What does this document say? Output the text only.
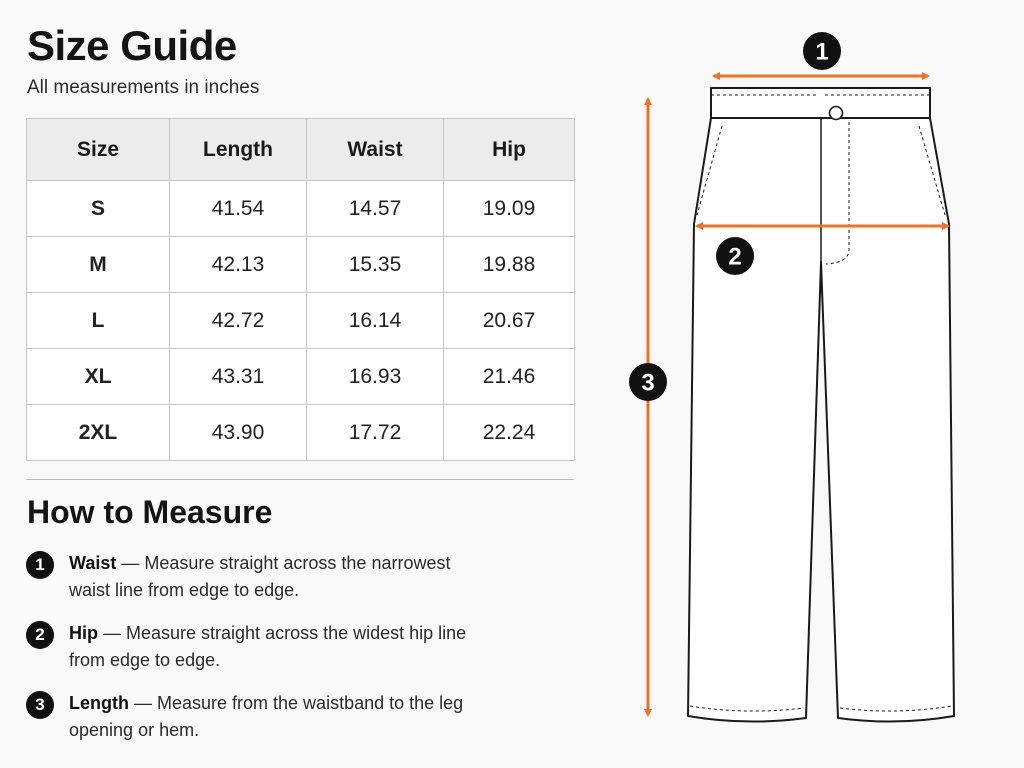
Size Guide
All measurements in inches
Size	Length	Waist	Hip
S	41.54	14.57	19.09
M	42.13	15.35	19.88
L	42.72	16.14	20.67
XL	43.31	16.93	21.46
2XL	43.90	17.72	22.24
How to Measure
1	Waist — Measure straight across the narrowest waist line from edge to edge.
2	Hip — Measure straight across the widest hip line from edge to edge.
3	Length — Measure from the waistband to the leg opening or hem.
1
2
3
